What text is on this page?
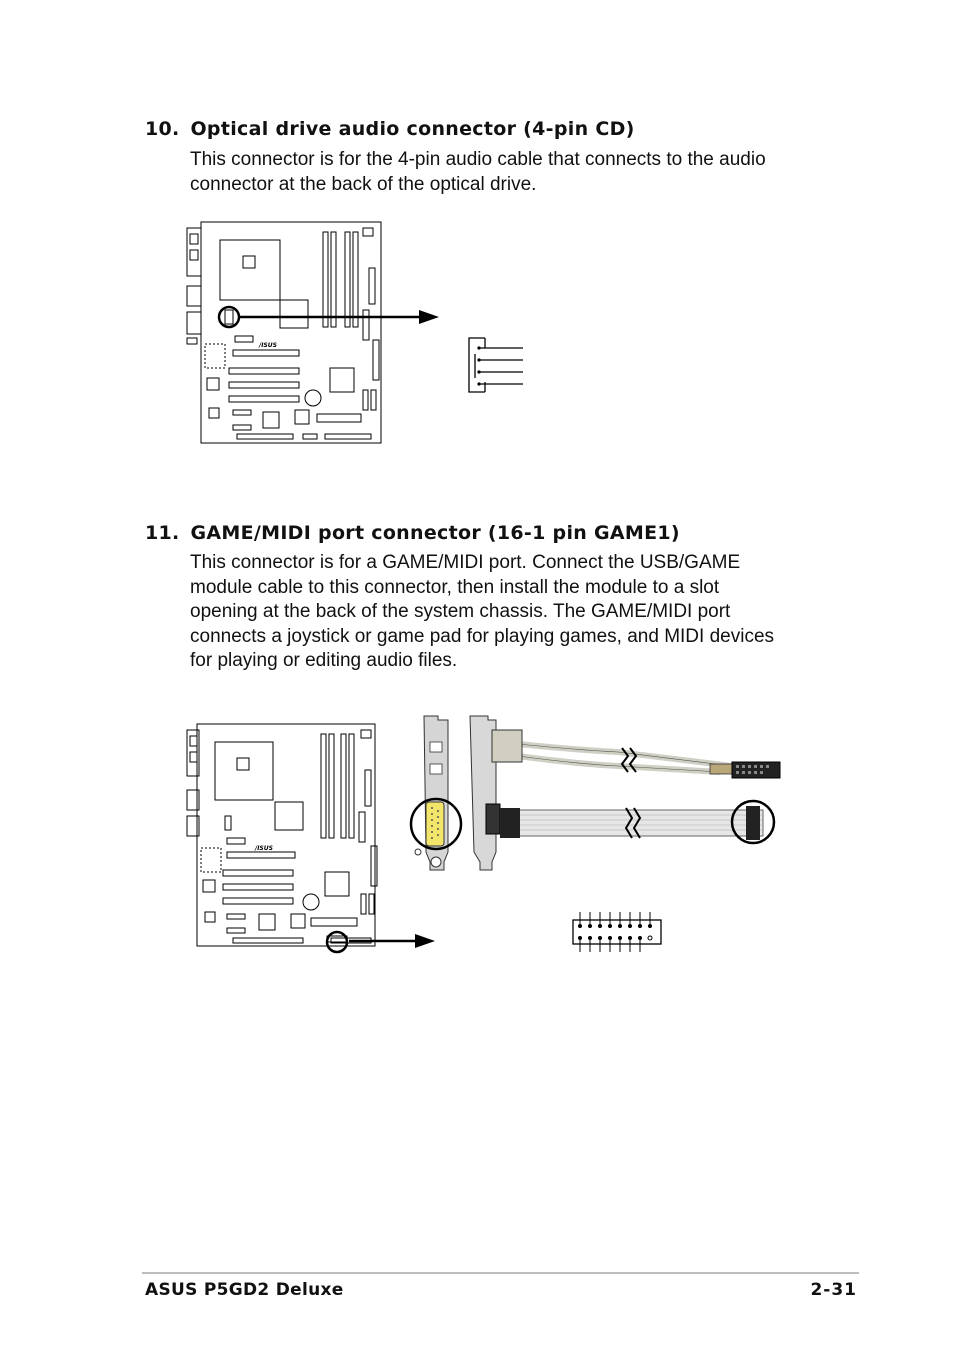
10. Optical drive audio connector (4-pin CD)

This connector is for the 4-pin audio cable that connects to the audio

connector at the back of the optical drive.

/ISUS
11. GAME/MIDI port connector (16-1 pin GAME1)

This connector is for a GAME/MIDI port. Connect the USB/GAME

module cable to this connector, then install the module to a slot

opening at the back of the system chassis. The GAME/MIDI port

connects a joystick or game pad for playing games, and MIDI devices

for playing or editing audio files.

/ISUS
ASUS P5GD2 Deluxe	2-31
